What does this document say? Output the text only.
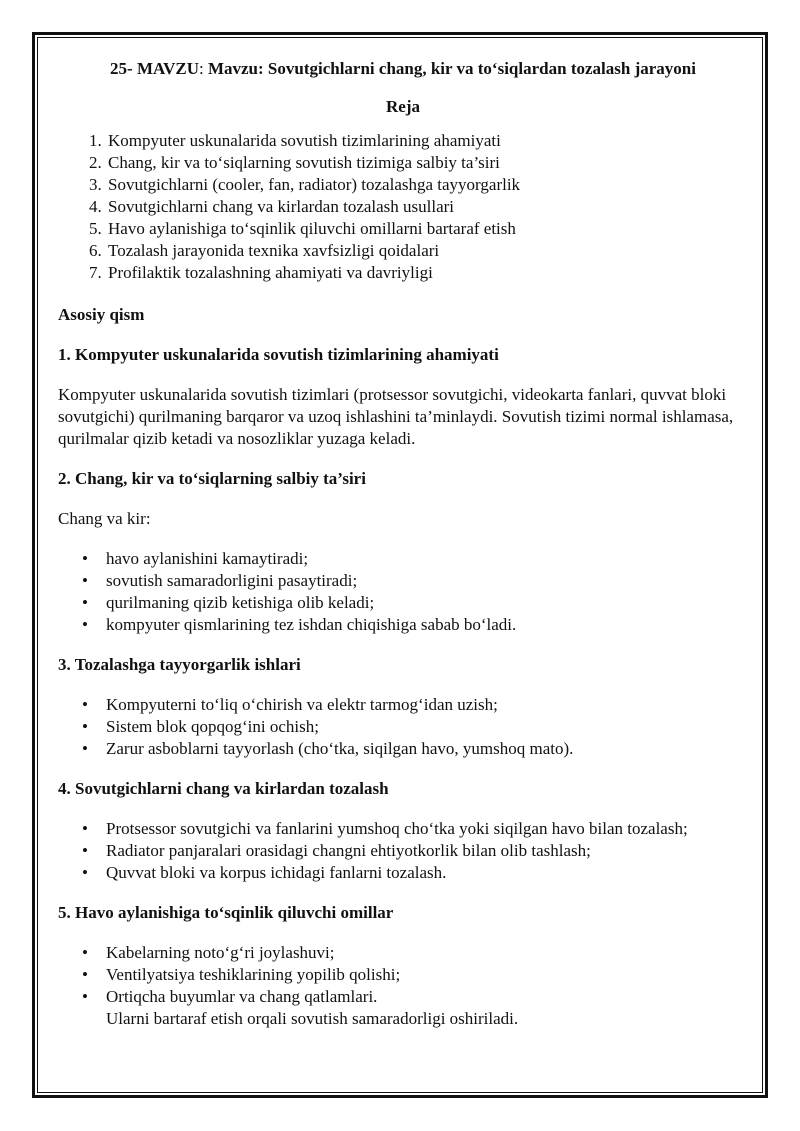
25- MAVZU: Mavzu: Sovutgichlarni chang, kir va to‘siqlardan tozalash jarayoni

Reja

1. Kompyuter uskunalarida sovutish tizimlarining ahamiyati
2. Chang, kir va to‘siqlarning sovutish tizimiga salbiy ta’siri
3. Sovutgichlarni (cooler, fan, radiator) tozalashga tayyorgarlik
4. Sovutgichlarni chang va kirlardan tozalash usullari
5. Havo aylanishiga to‘sqinlik qiluvchi omillarni bartaraf etish
6. Tozalash jarayonida texnika xavfsizligi qoidalari
7. Profilaktik tozalashning ahamiyati va davriyligi

Asosiy qism

1. Kompyuter uskunalarida sovutish tizimlarining ahamiyati

Kompyuter uskunalarida sovutish tizimlari (protsessor sovutgichi, videokarta fanlari, quvvat bloki sovutgichi) qurilmaning barqaror va uzoq ishlashini ta’minlaydi. Sovutish tizimi normal ishlamasa, qurilmalar qizib ketadi va nosozliklar yuzaga keladi.

2. Chang, kir va to‘siqlarning salbiy ta’siri

Chang va kir:

• havo aylanishini kamaytiradi;
• sovutish samaradorligini pasaytiradi;
• qurilmaning qizib ketishiga olib keladi;
• kompyuter qismlarining tez ishdan chiqishiga sabab bo‘ladi.

3. Tozalashga tayyorgarlik ishlari

• Kompyuterni to‘liq o‘chirish va elektr tarmog‘idan uzish;
• Sistem blok qopqog‘ini ochish;
• Zarur asboblarni tayyorlash (cho‘tka, siqilgan havo, yumshoq mato).

4. Sovutgichlarni chang va kirlardan tozalash

• Protsessor sovutgichi va fanlarini yumshoq cho‘tka yoki siqilgan havo bilan tozalash;
• Radiator panjaralari orasidagi changni ehtiyotkorlik bilan olib tashlash;
• Quvvat bloki va korpus ichidagi fanlarni tozalash.

5. Havo aylanishiga to‘sqinlik qiluvchi omillar

• Kabelarning noto‘g‘ri joylashuvi;
• Ventilyatsiya teshiklarining yopilib qolishi;
• Ortiqcha buyumlar va chang qatlamlari.

Ularni bartaraf etish orqali sovutish samaradorligi oshiriladi.
